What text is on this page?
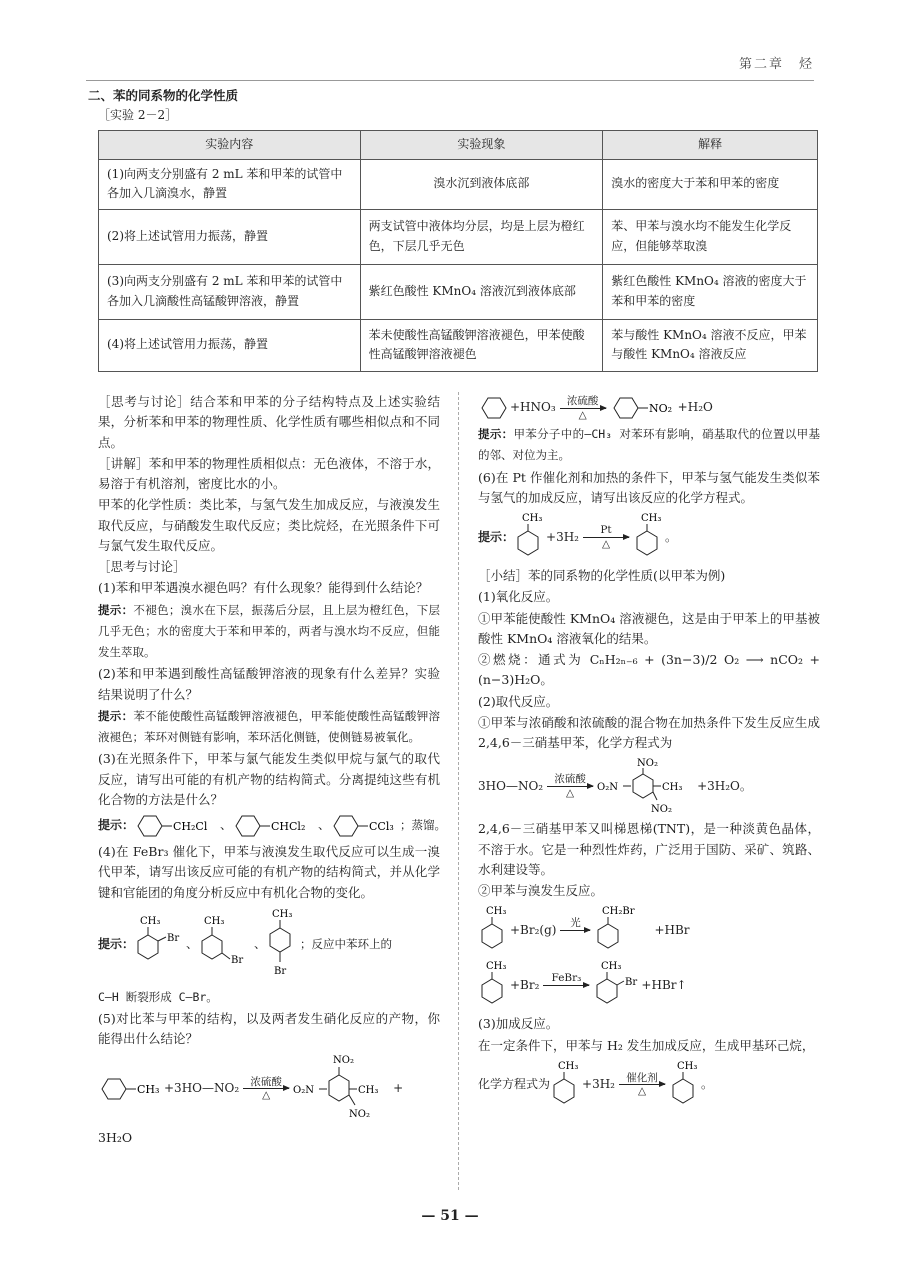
第二章　烃
二、苯的同系物的化学性质
［实验 2－2］
实验内容	实验现象	解释
(1)向两支分别盛有 2 mL 苯和甲苯的试管中各加入几滴溴水，静置	溴水沉到液体底部	溴水的密度大于苯和甲苯的密度
(2)将上述试管用力振荡，静置	两支试管中液体均分层，均是上层为橙红色，下层几乎无色	苯、甲苯与溴水均不能发生化学反应，但能够萃取溴
(3)向两支分别盛有 2 mL 苯和甲苯的试管中各加入几滴酸性高锰酸钾溶液，静置	紫红色酸性 KMnO₄ 溶液沉到液体底部	紫红色酸性 KMnO₄ 溶液的密度大于苯和甲苯的密度
(4)将上述试管用力振荡，静置	苯未使酸性高锰酸钾溶液褪色，甲苯使酸性高锰酸钾溶液褪色	苯与酸性 KMnO₄ 溶液不反应，甲苯与酸性 KMnO₄ 溶液反应
［思考与讨论］结合苯和甲苯的分子结构特点及上述实验结果，分析苯和甲苯的物理性质、化学性质有哪些相似点和不同点。
［讲解］苯和甲苯的物理性质相似点：无色液体，不溶于水，易溶于有机溶剂，密度比水的小。
甲苯的化学性质：类比苯，与氢气发生加成反应，与液溴发生取代反应，与硝酸发生取代反应；类比烷烃，在光照条件下可与氯气发生取代反应。
［思考与讨论］
(1)苯和甲苯遇溴水褪色吗？有什么现象？能得到什么结论？
提示：不褪色；溴水在下层，振荡后分层，且上层为橙红色，下层几乎无色；水的密度大于苯和甲苯的，两者与溴水均不反应，但能发生萃取。
(2)苯和甲苯遇到酸性高锰酸钾溶液的现象有什么差异？实验结果说明了什么？
提示：苯不能使酸性高锰酸钾溶液褪色，甲苯能使酸性高锰酸钾溶液褪色；苯环对侧链有影响，苯环活化侧链，使侧链易被氧化。
(3)在光照条件下，甲苯与氯气能发生类似甲烷与氯气的取代反应，请写出可能的有机产物的结构简式。分离提纯这些有机化合物的方法是什么？
提示：	CH₂Cl 、	CHCl₂ 、	CCl₃ ；蒸馏。
(4)在 FeBr₃ 催化下，甲苯与液溴发生取代反应可以生成一溴代甲苯，请写出该反应可能的有机产物的结构简式，并从化学键和官能团的角度分析反应中有机化合物的变化。
提示：
CH₃
Br 、
CH₃
Br
、
CH₃
Br
；反应中苯环上的
C—H 断裂形成 C—Br。
(5)对比苯与甲苯的结构，以及两者发生硝化反应的产物，你能得出什么结论？
CH₃ +3HO—NO₂ 浓硫酸
△
NO₂
O₂N	CH₃
NO₂
+
3H₂O
+HNO₃ 浓硫酸
△	NO₂ +H₂O
提示：甲苯分子中的—CH₃ 对苯环有影响，硝基取代的位置以甲基的邻、对位为主。
(6)在 Pt 作催化剂和加热的条件下，甲苯与氢气能发生类似苯与氢气的加成反应，请写出该反应的化学方程式。
提示：
CH₃
+3H₂ Pt
△
CH₃
。
［小结］苯的同系物的化学性质(以甲苯为例)
(1)氧化反应。
①甲苯能使酸性 KMnO₄ 溶液褪色，这是由于甲苯上的甲基被酸性 KMnO₄ 溶液氧化的结果。
②燃烧：通式为 CₙH₂ₙ₋₆ + (3n−3)/2 O₂ ⟶ nCO₂ + (n−3)H₂O。
(2)取代反应。
①甲苯与浓硝酸和浓硫酸的混合物在加热条件下发生反应生成 2,4,6－三硝基甲苯，化学方程式为
3HO—NO₂ 浓硫酸
△
NO₂
O₂N	CH₃
NO₂
+3H₂O。
2,4,6－三硝基甲苯又叫梯恩梯(TNT)，是一种淡黄色晶体，不溶于水。它是一种烈性炸药，广泛用于国防、采矿、筑路、水利建设等。
②甲苯与溴发生反应。
CH₃
+Br₂(g) 光
CH₂Br
+HBr
CH₃
+Br₂ FeBr₃
CH₃
Br +HBr↑
(3)加成反应。
在一定条件下，甲苯与 H₂ 发生加成反应，生成甲基环己烷，
化学方程式为
CH₃
+3H₂ 催化剂
△
CH₃
。
— 51 —
